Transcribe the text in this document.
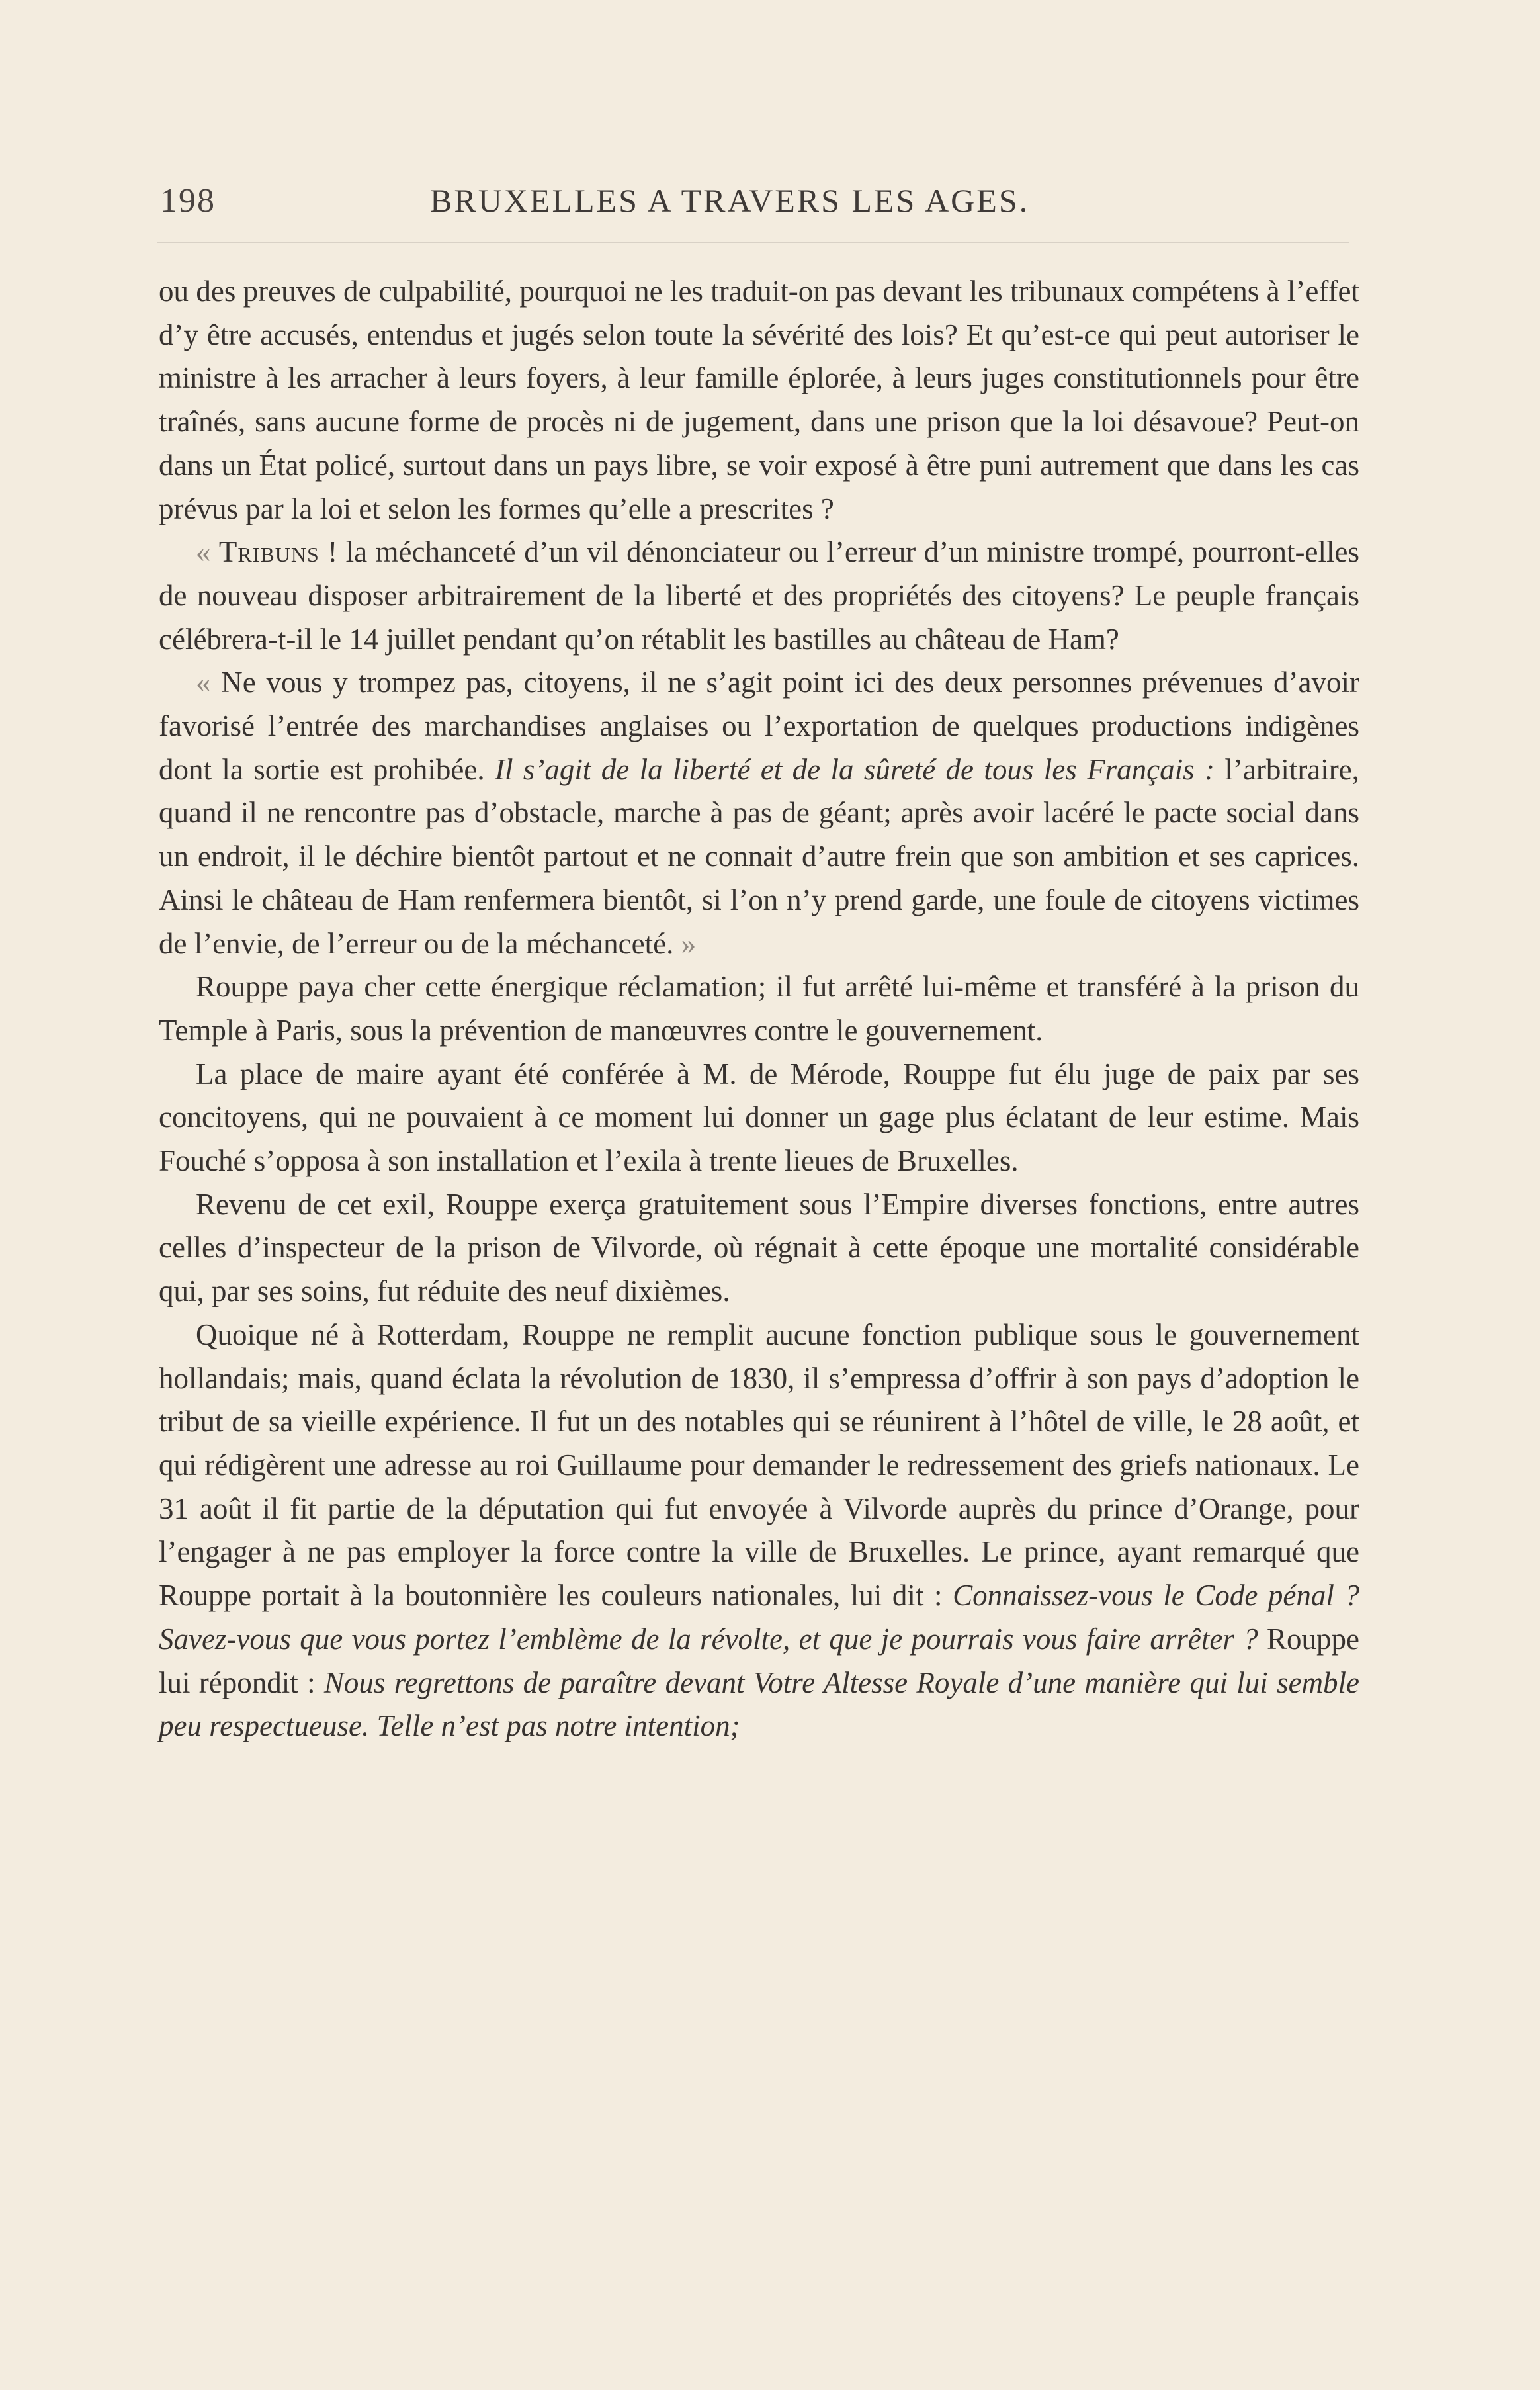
198	BRUXELLES A TRAVERS LES AGES.

ou des preuves de culpabilité, pourquoi ne les traduit-on pas devant les tribunaux compétens à l’effet d’y être accusés, entendus et jugés selon toute la sévérité des lois? Et qu’est-ce qui peut autoriser le ministre à les arracher à leurs foyers, à leur famille éplorée, à leurs juges constitutionnels pour être traînés, sans aucune forme de procès ni de jugement, dans une prison que la loi désavoue? Peut-on dans un État policé, surtout dans un pays libre, se voir exposé à être puni autrement que dans les cas prévus par la loi et selon les formes qu’elle a prescrites ?

« Tribuns ! la méchanceté d’un vil dénonciateur ou l’erreur d’un ministre trompé, pourront-elles de nouveau disposer arbitrairement de la liberté et des propriétés des citoyens? Le peuple français célébrera-t-il le 14 juillet pendant qu’on rétablit les bastilles au château de Ham?

« Ne vous y trompez pas, citoyens, il ne s’agit point ici des deux personnes prévenues d’avoir favorisé l’entrée des marchandises anglaises ou l’exportation de quelques productions indigènes dont la sortie est prohibée. Il s’agit de la liberté et de la sûreté de tous les Français : l’arbitraire, quand il ne rencontre pas d’obstacle, marche à pas de géant; après avoir lacéré le pacte social dans un endroit, il le déchire bientôt partout et ne connait d’autre frein que son ambition et ses caprices. Ainsi le château de Ham renfermera bientôt, si l’on n’y prend garde, une foule de citoyens victimes de l’envie, de l’erreur ou de la méchanceté. »

Rouppe paya cher cette énergique réclamation; il fut arrêté lui-même et transféré à la prison du Temple à Paris, sous la prévention de manœuvres contre le gouvernement.

La place de maire ayant été conférée à M. de Mérode, Rouppe fut élu juge de paix par ses concitoyens, qui ne pouvaient à ce moment lui donner un gage plus éclatant de leur estime. Mais Fouché s’opposa à son installation et l’exila à trente lieues de Bruxelles.

Revenu de cet exil, Rouppe exerça gratuitement sous l’Empire diverses fonctions, entre autres celles d’inspecteur de la prison de Vilvorde, où régnait à cette époque une mortalité considérable qui, par ses soins, fut réduite des neuf dixièmes.

Quoique né à Rotterdam, Rouppe ne remplit aucune fonction publique sous le gouvernement hollandais; mais, quand éclata la révolution de 1830, il s’empressa d’offrir à son pays d’adoption le tribut de sa vieille expérience. Il fut un des notables qui se réunirent à l’hôtel de ville, le 28 août, et qui rédigèrent une adresse au roi Guillaume pour demander le redressement des griefs nationaux. Le 31 août il fit partie de la députation qui fut envoyée à Vilvorde auprès du prince d’Orange, pour l’engager à ne pas employer la force contre la ville de Bruxelles. Le prince, ayant remarqué que Rouppe portait à la boutonnière les couleurs nationales, lui dit : Connaissez-vous le Code pénal ? Savez-vous que vous portez l’emblème de la révolte, et que je pourrais vous faire arrêter ? Rouppe lui répondit : Nous regrettons de paraître devant Votre Altesse Royale d’une manière qui lui semble peu respectueuse. Telle n’est pas notre intention;
